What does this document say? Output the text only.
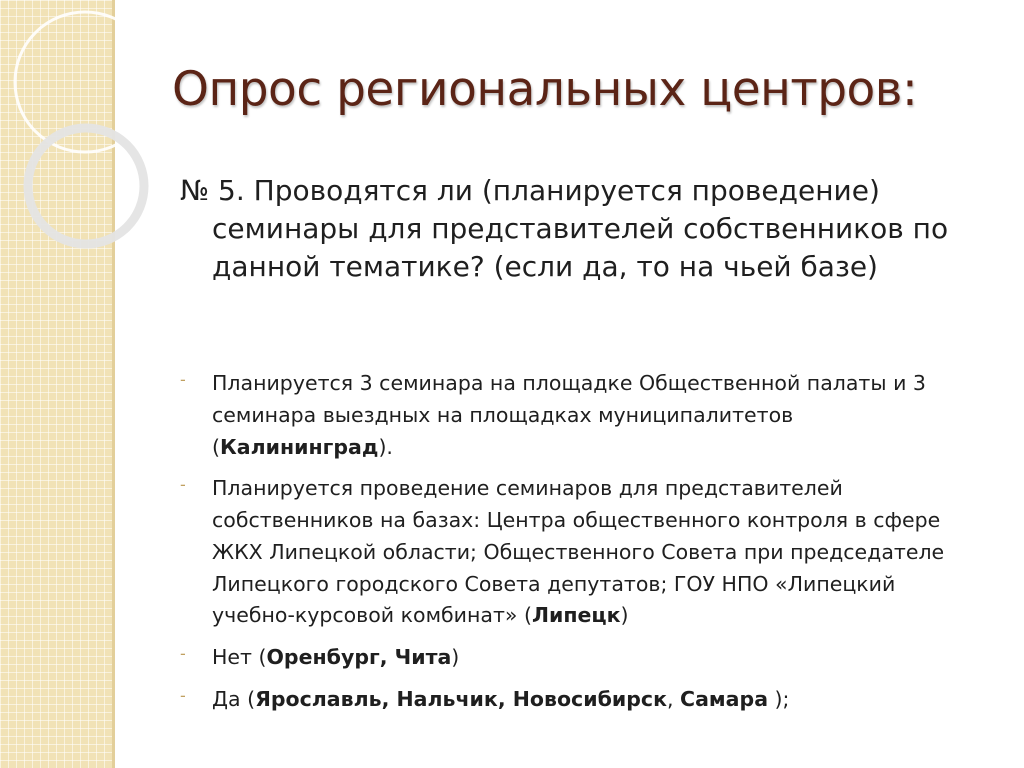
Опрос региональных центров:

№ 5. Проводятся ли (планируется проведение) семинары для представителей собственников по данной тематике? (если да, то на чьей базе)

- Планируется 3 семинара на площадке Общественной палаты и 3 семинара выездных на площадках муниципалитетов (Калининград).
- Планируется проведение семинаров для представителей собственников на базах: Центра общественного контроля в сфере ЖКХ Липецкой области; Общественного Совета при председателе Липецкого городского Совета депутатов; ГОУ НПО «Липецкий учебно-курсовой комбинат» (Липецк)
- Нет (Оренбург, Чита)
- Да (Ярославль, Нальчик, Новосибирск, Самара );
